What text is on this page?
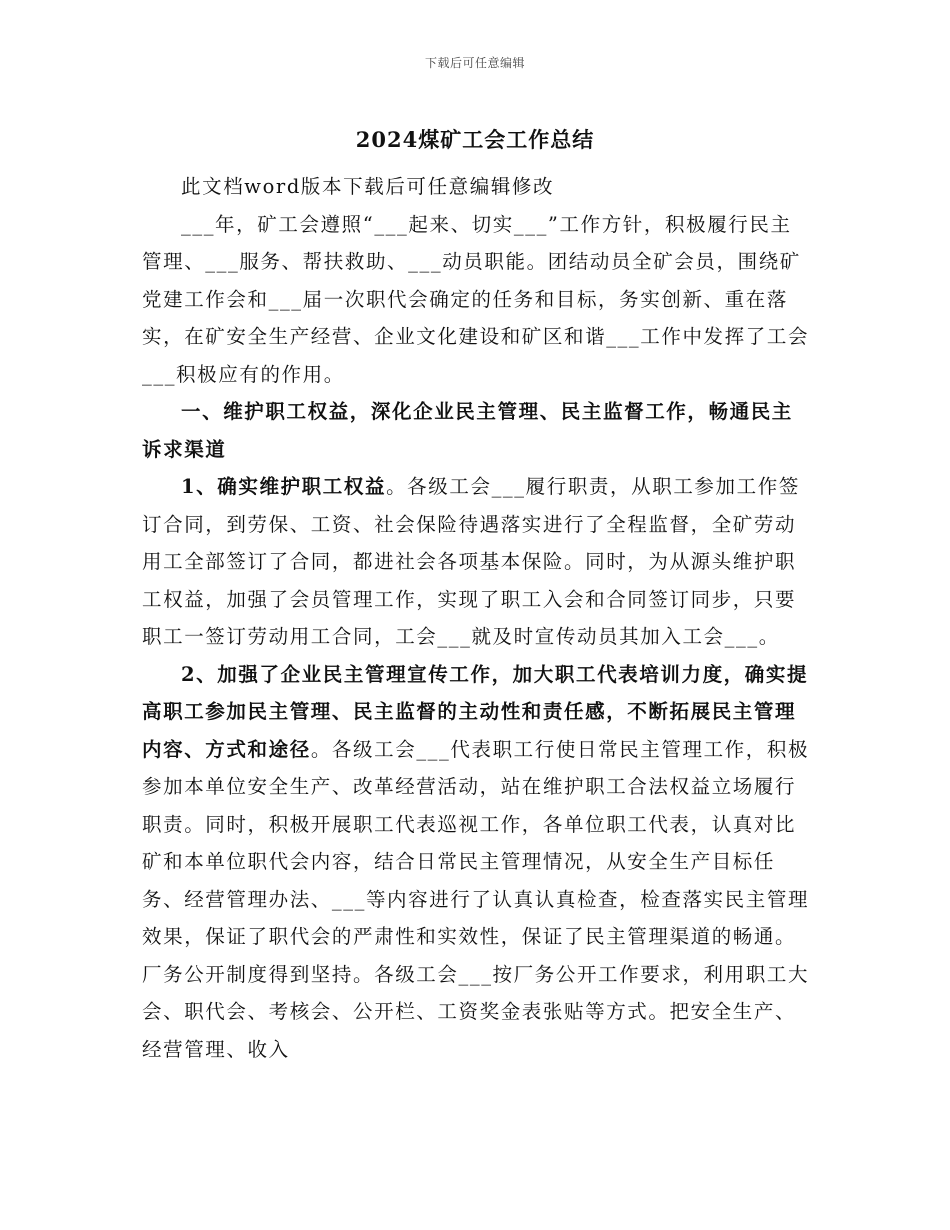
下载后可任意编辑
2024煤矿工会工作总结

此文档word版本下载后可任意编辑修改

___年，矿工会遵照“___起来、切实___”工作方针，积极履行民主管理、___服务、帮扶救助、___动员职能。团结动员全矿会员，围绕矿党建工作会和___届一次职代会确定的任务和目标，务实创新、重在落实，在矿安全生产经营、企业文化建设和矿区和谐___工作中发挥了工会___积极应有的作用。

一、维护职工权益，深化企业民主管理、民主监督工作，畅通民主诉求渠道

1、确实维护职工权益。各级工会___履行职责，从职工参加工作签订合同，到劳保、工资、社会保险待遇落实进行了全程监督，全矿劳动用工全部签订了合同，都进社会各项基本保险。同时，为从源头维护职工权益，加强了会员管理工作，实现了职工入会和合同签订同步，只要职工一签订劳动用工合同，工会___就及时宣传动员其加入工会___。

2、加强了企业民主管理宣传工作，加大职工代表培训力度，确实提高职工参加民主管理、民主监督的主动性和责任感，不断拓展民主管理内容、方式和途径。各级工会___代表职工行使日常民主管理工作，积极参加本单位安全生产、改革经营活动，站在维护职工合法权益立场履行职责。同时，积极开展职工代表巡视工作，各单位职工代表，认真对比矿和本单位职代会内容，结合日常民主管理情况，从安全生产目标任务、经营管理办法、___等内容进行了认真认真检查，检查落实民主管理效果，保证了职代会的严肃性和实效性，保证了民主管理渠道的畅通。厂务公开制度得到坚持。各级工会___按厂务公开工作要求，利用职工大会、职代会、考核会、公开栏、工资奖金表张贴等方式。把安全生产、经营管理、收入
